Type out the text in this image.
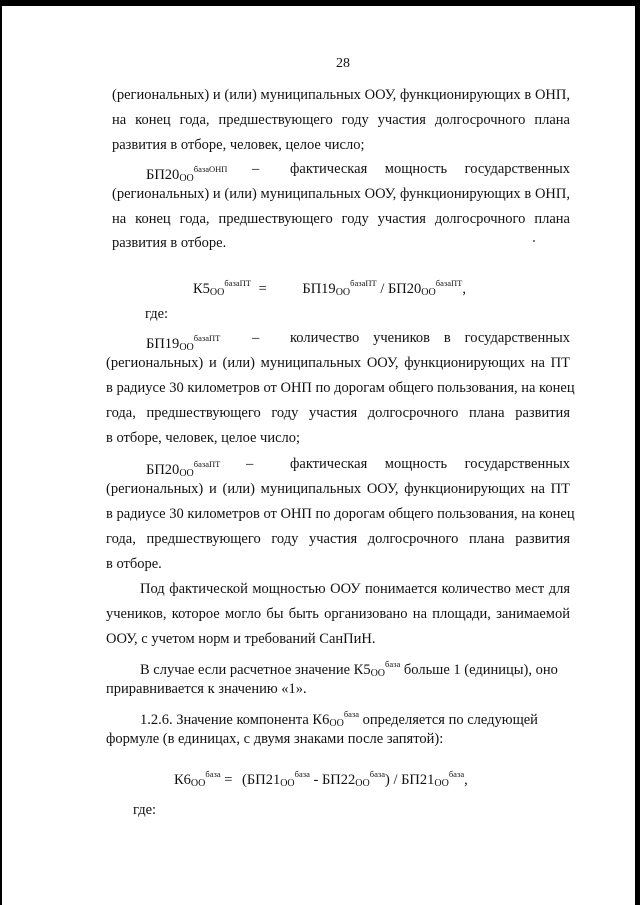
28
(региональных) и (или) муниципальных ООУ, функционирующих в ОНП,
на конец года, предшествующего году участия долгосрочного плана
развития в отборе, человек, целое число;
$БП20_{ОО}^{базаОНП}$ – фактическая мощность государственных
(региональных) и (или) муниципальных ООУ, функционирующих в ОНП,
на конец года, предшествующего году участия долгосрочного плана
развития в отборе.
$К5_{ОО}^{базаПТ} = БП19_{ОО}^{базаПТ} / БП20_{ОО}^{базаПТ}$,
где:
$БП19_{ОО}^{базаПТ}$ – количество учеников в государственных
(региональных) и (или) муниципальных ООУ, функционирующих на ПТ
в радиусе 30 километров от ОНП по дорогам общего пользования, на конец
года, предшествующего году участия долгосрочного плана развития
в отборе, человек, целое число;
$БП20_{ОО}^{базаПТ}$ –	фактическая мощность государственных
(региональных) и (или) муниципальных ООУ, функционирующих на ПТ
в радиусе 30 километров от ОНП по дорогам общего пользования, на конец
года, предшествующего году участия долгосрочного плана развития
в отборе.
Под фактической мощностью ООУ понимается количество мест для
учеников, которое могло бы быть организовано на площади, занимаемой
ООУ, с учетом норм и требований СанПиН.
В случае если расчетное значение $К5_{ОО}^{база}$ больше 1 (единицы), оно
приравнивается к значению «1».
1.2.6. Значение компонента $К6_{ОО}^{база}$ определяется по следующей
формуле (в единицах, с двумя знаками после запятой):
$К6_{ОО}^{база} = (БП21_{ОО}^{база} - БП22_{ОО}^{база}) / БП21_{ОО}^{база}$,
где:
